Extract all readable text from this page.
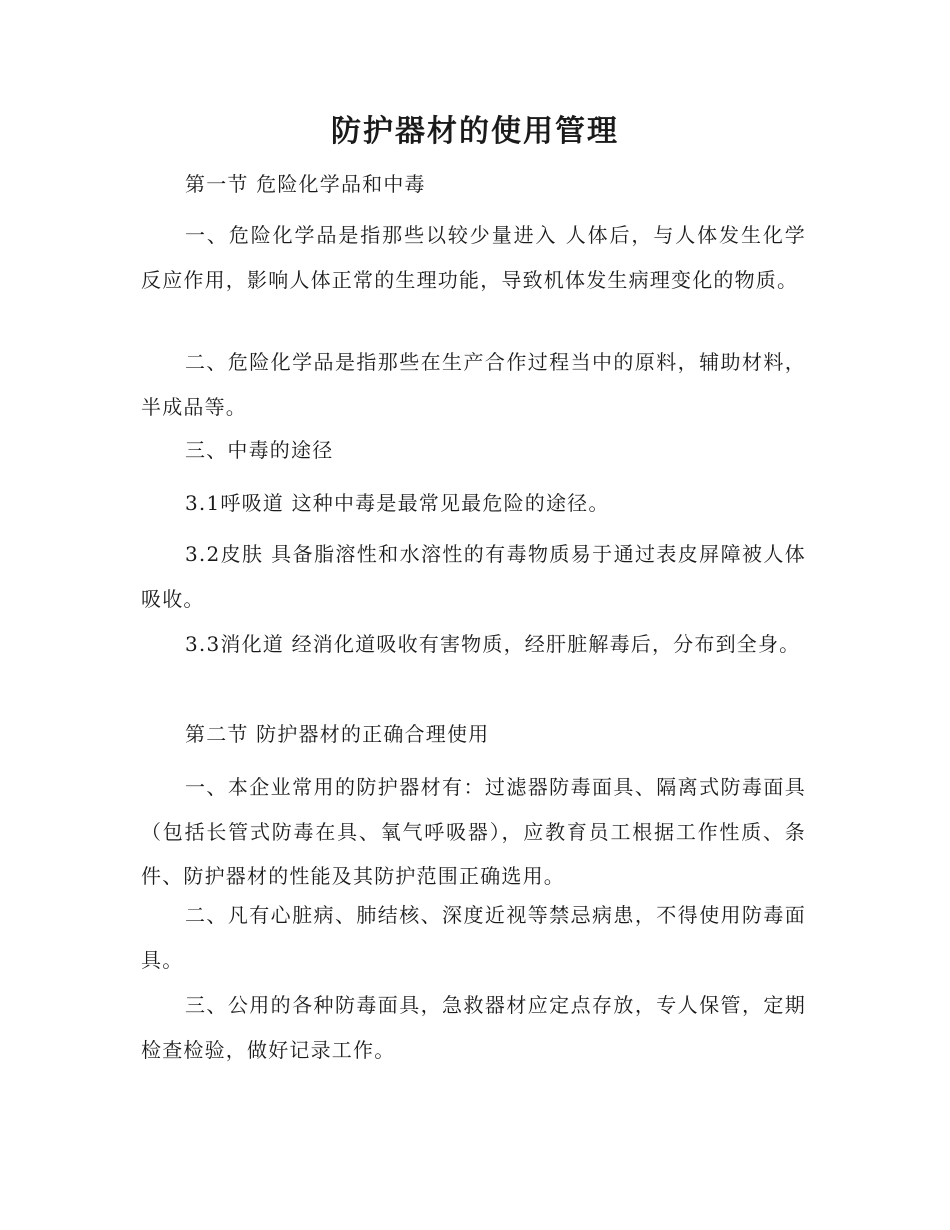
防护器材的使用管理

第一节 危险化学品和中毒

一、危险化学品是指那些以较少量进入 人体后，与人体发生化学反应作用，影响人体正常的生理功能，导致机体发生病理变化的物质。

二、危险化学品是指那些在生产合作过程当中的原料，辅助材料，半成品等。

三、中毒的途径

3.1呼吸道 这种中毒是最常见最危险的途径。

3.2皮肤 具备脂溶性和水溶性的有毒物质易于通过表皮屏障被人体吸收。

3.3消化道 经消化道吸收有害物质，经肝脏解毒后，分布到全身。

第二节 防护器材的正确合理使用

一、本企业常用的防护器材有：过滤器防毒面具、隔离式防毒面具（包括长管式防毒在具、氧气呼吸器），应教育员工根据工作性质、条件、防护器材的性能及其防护范围正确选用。

二、凡有心脏病、肺结核、深度近视等禁忌病患，不得使用防毒面具。

三、公用的各种防毒面具，急救器材应定点存放，专人保管，定期检查检验，做好记录工作。
